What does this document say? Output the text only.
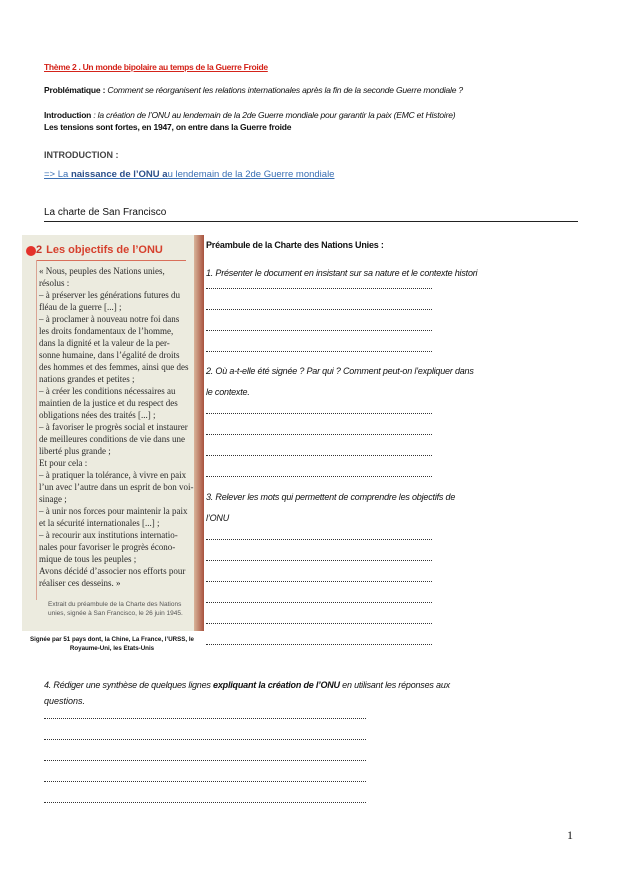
Thème 2 . Un monde bipolaire au temps de la Guerre Froide
Problématique : Comment se réorganisent les relations internationales après la fin de la seconde Guerre mondiale ?
Introduction : la création de l’ONU au lendemain de la 2de Guerre mondiale pour garantir la paix (EMC et Histoire)
Les tensions sont fortes, en 1947, on entre dans la Guerre froide
INTRODUCTION :
=> La naissance de l’ONU au lendemain de la 2de Guerre mondiale
La charte de San Francisco
2 Les objectifs de l’ONU
« Nous, peuples des Nations unies,
résolus :
– à préserver les générations futures du
fléau de la guerre [...] ;
– à proclamer à nouveau notre foi dans
les droits fondamentaux de l’homme,
dans la dignité et la valeur de la per-
sonne humaine, dans l’égalité de droits
des hommes et des femmes, ainsi que des
nations grandes et petites ;
– à créer les conditions nécessaires au
maintien de la justice et du respect des
obligations nées des traités [...] ;
– à favoriser le progrès social et instaurer
de meilleures conditions de vie dans une
liberté plus grande ;
Et pour cela :
– à pratiquer la tolérance, à vivre en paix
l’un avec l’autre dans un esprit de bon voi-
sinage ;
– à unir nos forces pour maintenir la paix
et la sécurité internationales [...] ;
– à recourir aux institutions internatio-
nales pour favoriser le progrès écono-
mique de tous les peuples ;
Avons décidé d’associer nos efforts pour
réaliser ces desseins. »
Extrait du préambule de la Charte des Nations
unies, signée à San Francisco, le 26 juin 1945.
Signée par 51 pays dont, la Chine, La France, l’URSS, le Royaume-Uni, les Etats-Unis
Préambule de la Charte des Nations Unies :
1. Présenter le document en insistant sur sa nature et le contexte histori
2. Où a-t-elle été signée ? Par qui ? Comment peut-on l’expliquer dans
le contexte.
3. Relever les mots qui permettent de comprendre les objectifs de
l’ONU
4. Rédiger une synthèse de quelques lignes expliquant la création de l’ONU en utilisant les réponses aux
questions.
1
